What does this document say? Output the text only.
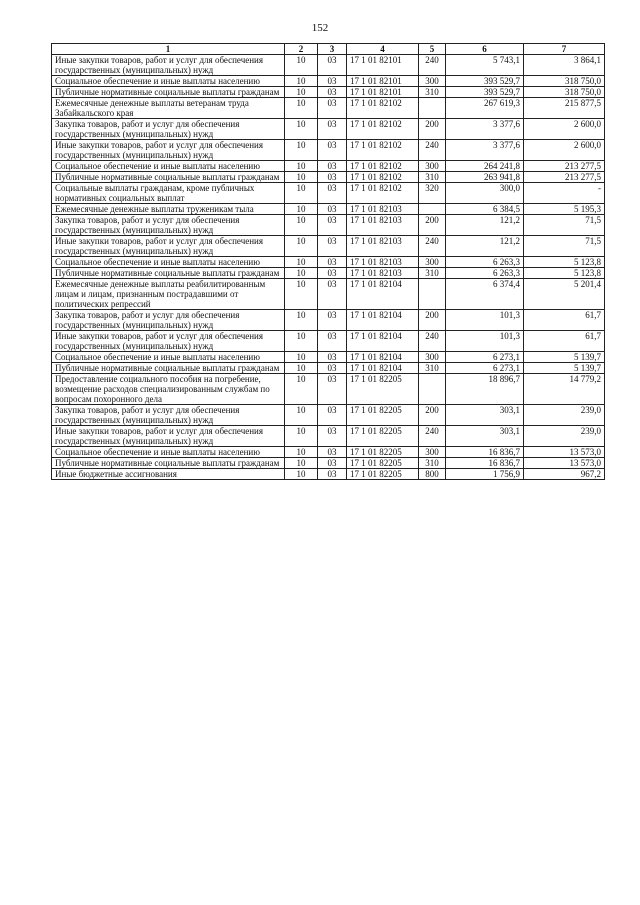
152
1	2	3	4	5	6	7
Иные закупки товаров, работ и услуг для обеспечения государственных (муниципальных) нужд	10	03	17 1 01 82101	240	5 743,1	3 864,1
Социальное обеспечение и иные выплаты населению	10	03	17 1 01 82101	300	393 529,7	318 750,0
Публичные нормативные социальные выплаты гражданам	10	03	17 1 01 82101	310	393 529,7	318 750,0
Ежемесячные денежные выплаты ветеранам труда Забайкальского края	10	03	17 1 01 82102		267 619,3	215 877,5
Закупка товаров, работ и услуг для обеспечения государственных (муниципальных) нужд	10	03	17 1 01 82102	200	3 377,6	2 600,0
Иные закупки товаров, работ и услуг для обеспечения государственных (муниципальных) нужд	10	03	17 1 01 82102	240	3 377,6	2 600,0
Социальное обеспечение и иные выплаты населению	10	03	17 1 01 82102	300	264 241,8	213 277,5
Публичные нормативные социальные выплаты гражданам	10	03	17 1 01 82102	310	263 941,8	213 277,5
Социальные выплаты гражданам, кроме публичных нормативных социальных выплат	10	03	17 1 01 82102	320	300,0	-
Ежемесячные денежные выплаты труженикам тыла	10	03	17 1 01 82103		6 384,5	5 195,3
Закупка товаров, работ и услуг для обеспечения государственных (муниципальных) нужд	10	03	17 1 01 82103	200	121,2	71,5
Иные закупки товаров, работ и услуг для обеспечения государственных (муниципальных) нужд	10	03	17 1 01 82103	240	121,2	71,5
Социальное обеспечение и иные выплаты населению	10	03	17 1 01 82103	300	6 263,3	5 123,8
Публичные нормативные социальные выплаты гражданам	10	03	17 1 01 82103	310	6 263,3	5 123,8
Ежемесячные денежные выплаты реабилитированным лицам и лицам, признанным пострадавшими от политических репрессий	10	03	17 1 01 82104		6 374,4	5 201,4
Закупка товаров, работ и услуг для обеспечения государственных (муниципальных) нужд	10	03	17 1 01 82104	200	101,3	61,7
Иные закупки товаров, работ и услуг для обеспечения государственных (муниципальных) нужд	10	03	17 1 01 82104	240	101,3	61,7
Социальное обеспечение и иные выплаты населению	10	03	17 1 01 82104	300	6 273,1	5 139,7
Публичные нормативные социальные выплаты гражданам	10	03	17 1 01 82104	310	6 273,1	5 139,7
Предоставление социального пособия на погребение, возмещение расходов специализированным службам по вопросам похоронного дела	10	03	17 1 01 82205		18 896,7	14 779,2
Закупка товаров, работ и услуг для обеспечения государственных (муниципальных) нужд	10	03	17 1 01 82205	200	303,1	239,0
Иные закупки товаров, работ и услуг для обеспечения государственных (муниципальных) нужд	10	03	17 1 01 82205	240	303,1	239,0
Социальное обеспечение и иные выплаты населению	10	03	17 1 01 82205	300	16 836,7	13 573,0
Публичные нормативные социальные выплаты гражданам	10	03	17 1 01 82205	310	16 836,7	13 573,0
Иные бюджетные ассигнования	10	03	17 1 01 82205	800	1 756,9	967,2
